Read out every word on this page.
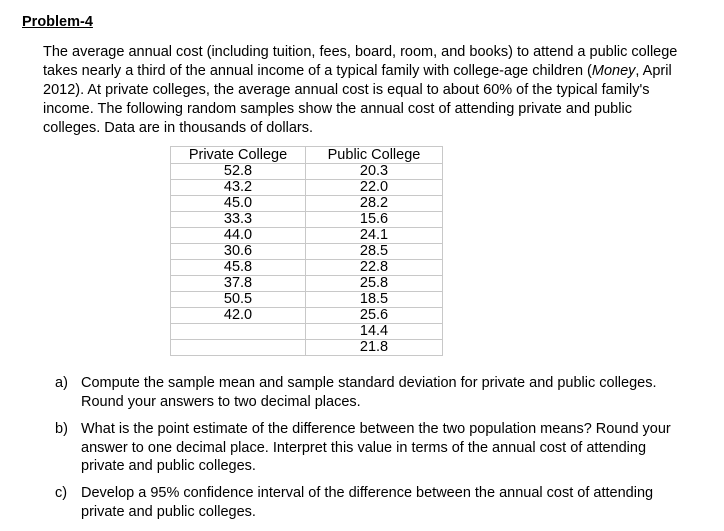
Problem-4

The average annual cost (including tuition, fees, board, room, and books) to attend a public college takes nearly a third of the annual income of a typical family with college-age children (Money, April 2012). At private colleges, the average annual cost is equal to about 60% of the typical family's income. The following random samples show the annual cost of attending private and public colleges. Data are in thousands of dollars.

Private College	Public College
52.8	20.3
43.2	22.0
45.0	28.2
33.3	15.6
44.0	24.1
30.6	28.5
45.8	22.8
37.8	25.8
50.5	18.5
42.0	25.6
	14.4
	21.8
a) Compute the sample mean and sample standard deviation for private and public colleges. Round your answers to two decimal places.
b) What is the point estimate of the difference between the two population means? Round your answer to one decimal place. Interpret this value in terms of the annual cost of attending private and public colleges.
c) Develop a 95% confidence interval of the difference between the annual cost of attending private and public colleges.
